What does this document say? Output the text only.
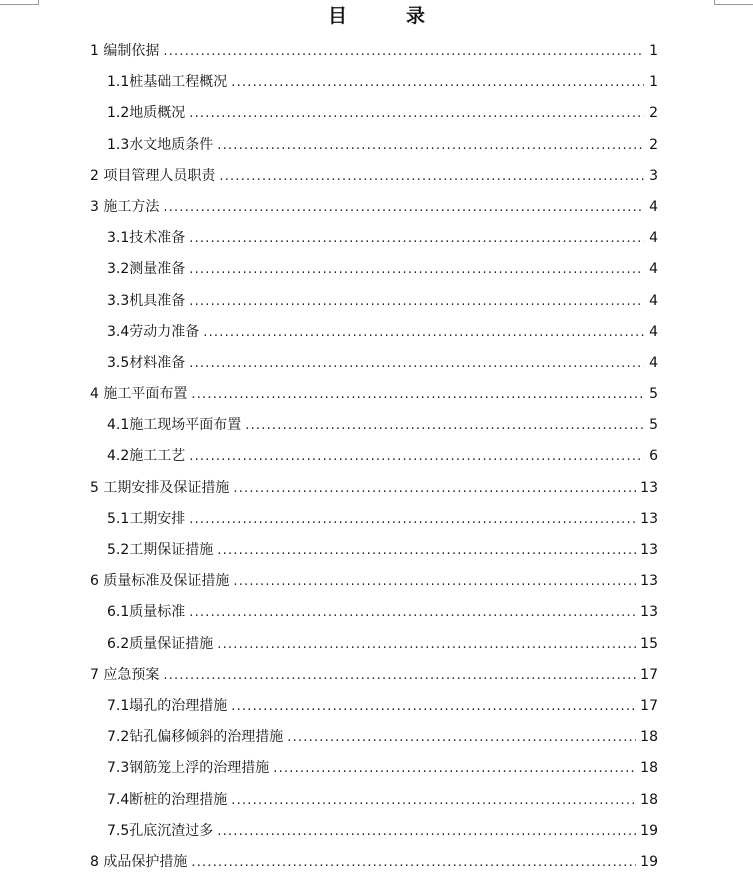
目　录
1 编制依据 .....	1
1.1桩基础工程概况 .....	1
1.2地质概况 .....	2
1.3水文地质条件 .....	2
2 项目管理人员职责 .....	3
3 施工方法 .....	4
3.1技术准备 .....	4
3.2测量准备 .....	4
3.3机具准备 .....	4
3.4劳动力准备 .....	4
3.5材料准备 .....	4
4 施工平面布置 .....	5
4.1施工现场平面布置 .....	5
4.2施工工艺 .....	6
5 工期安排及保证措施 .....	13
5.1工期安排 .....	13
5.2工期保证措施 .....	13
6 质量标准及保证措施 .....	13
6.1质量标准 .....	13
6.2质量保证措施 .....	15
7 应急预案 .....	17
7.1塌孔的治理措施 .....	17
7.2钻孔偏移倾斜的治理措施 .....	18
7.3钢筋笼上浮的治理措施 .....	18
7.4断桩的治理措施 .....	18
7.5孔底沉渣过多 .....	19
8 成品保护措施 .....	19
